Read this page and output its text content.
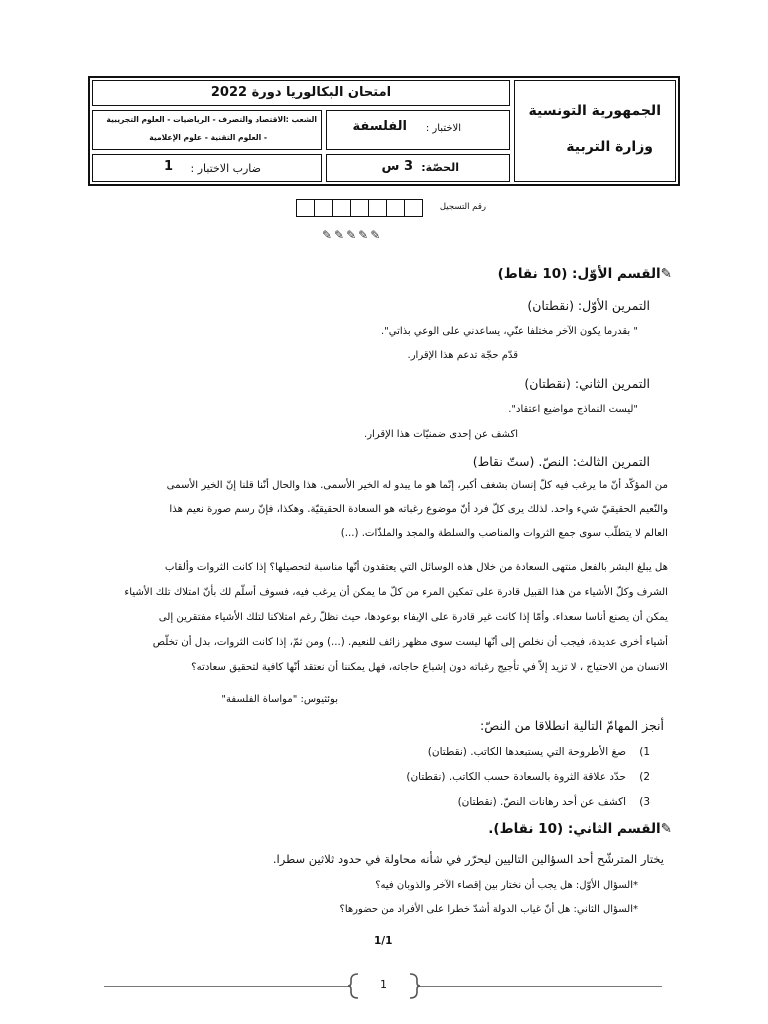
الجمهورية التونسية
وزارة التربية
امتحان البكالوريا دورة 2022
الشعب :الاقتصاد والتصرف - الرياضيات - العلوم التجريبية
- العلوم التقنية - علوم الإعلامية
الاختبار :
الفلسفة
ضارب الاختبار :
1	الحصّة:
3 س
رقم التسجيل
✎✎✎✎✎
✎القسم الأوّل: (10 نقاط)
التمرين الأوّل: (نقطتان)
" بقدرما يكون الآخر مختلفا عنّي، يساعدني على الوعي بذاتي".
قدّم حجّة تدعم هذا الإقرار.
التمرين الثاني: (نقطتان)
"ليست النماذج مواضيع اعتقاد".
اكشف عن إحدى ضمنيّات هذا الإقرار.
التمرين الثالث: النصّ. (ستّ نقاط)
من المؤكّد أنّ ما يرغب فيه كلّ إنسان بشغف أكبر، إنّما هو ما يبدو له الخير الأسمى. هذا والحال أنّنا قلنا إنّ الخير الأسمى
والنّعيم الحقيقيّ شيء واحد. لذلك يرى كلّ فرد أنّ موضوع رغباته هو السعادة الحقيقيّة. وهكذا، فإنّ رسم صورة نعيم هذا
العالم لا يتطلّب سوى جمع الثروات والمناصب والسلطة والمجد والملذّات. (...)
هل يبلغ البشر بالفعل منتهى السعادة من خلال هذه الوسائل التي يعتقدون أنّها مناسبة لتحصيلها؟ إذا كانت الثروات وألقاب
الشرف وكلّ الأشياء من هذا القبيل قادرة على تمكين المرء من كلّ ما يمكن أن يرغب فيه، فسوف أسلّم لك بأنّ امتلاك تلك الأشياء
يمكن أن يصنع أناسا سعداء. وأمّا إذا كانت غير قادرة على الإيفاء بوعودها، حيث نظلّ رغم امتلاكنا لتلك الأشياء مفتقرين إلى
أشياء أخرى عديدة، فيجب أن نخلص إلى أنّها ليست سوى مظهر زائف للنعيم. (...) ومن ثمّ، إذا كانت الثروات، بدل أن تخلّص
الانسان من الاحتياج ، لا تزيد إلاّ في تأجيج رغباته دون إشباع حاجاته، فهل يمكننا أن نعتقد أنّها كافية لتحقيق سعادته؟
بوئثيوس: "مواساة الفلسفة"
أنجز المهامّ التالية انطلاقا من النصّ:
1)
صغ الأطروحة التي يستبعدها الكاتب. (نقطتان)
2)
حدّد علاقة الثروة بالسعادة حسب الكاتب. (نقطتان)
3)
اكشف عن أحد رهانات النصّ. (نقطتان)
✎القسم الثاني: (10 نقاط).
يختار المترشّح أحد السؤالين التاليين ليحرّر في شأنه محاولة في حدود ثلاثين سطرا.
*السؤال الأوّل: هل يجب أن نختار بين إقصاء الآخر والذوبان فيه؟
*السؤال الثاني: هل أنّ غياب الدولة أشدّ خطرا على الأفراد من حضورها؟
1/1
1
